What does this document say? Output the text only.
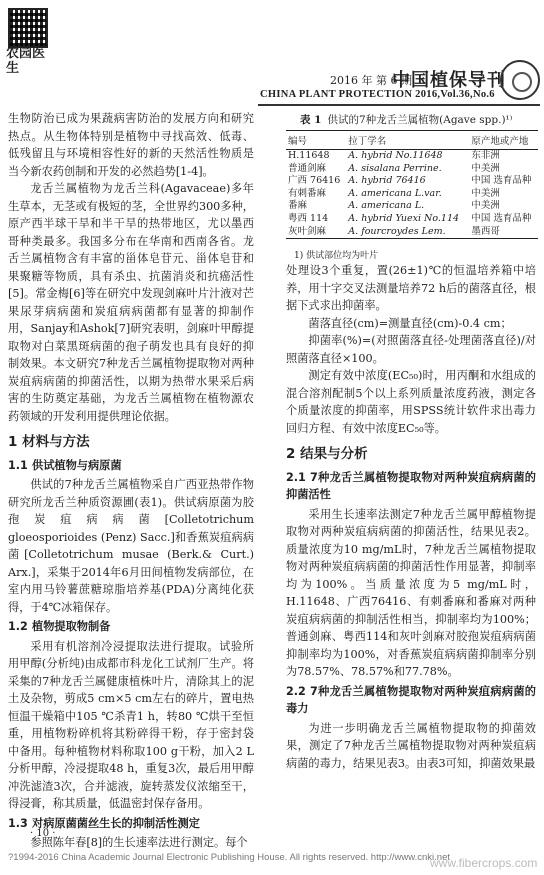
农园医生
2016 年 第 6 期
中国植保导刊
CHINA PLANT PROTECTION 2016,Vol.36,No.6

生物防治已成为果蔬病害防治的发展方向和研究热点。从生物体特别是植物中寻找高效、低毒、低残留且与环境相容性好的新的天然活性物质是当今新农药创制和开发的必然趋势[1-4]。

龙舌兰属植物为龙舌兰科(Agavaceae)多年生草本，无茎或有极短的茎，全世界约300多种，原产西半球干旱和半干旱的热带地区，尤以墨西哥种类最多。我国多分布在华南和西南各省。龙舌兰属植物含有丰富的甾体皂苷元、甾体皂苷和果聚糖等物质，具有杀虫、抗菌消炎和抗癌活性[5]。常金梅[6]等在研究中发现剑麻叶片汁液对芒果尿芽病病菌和炭疽病病菌都有显著的抑制作用，Sanjay和Ashok[7]研究表明，剑麻叶甲醇提取物对白菜黑斑病菌的孢子萌发也具有良好的抑制效果。本文研究7种龙舌兰属植物提取物对两种炭疽病病菌的抑菌活性，以期为热带水果采后病害的生防奠定基础，为龙舌兰属植物在植物源农药领域的开发利用提供理论依据。

1 材料与方法
1.1 供试植物与病原菌

供试的7种龙舌兰属植物采自广西亚热带作物研究所龙舌兰种质资源圃(表1)。供试病原菌为胶孢炭疽病病菌[Colletotrichum gloeosporioides (Penz) Sacc.]和香蕉炭疽病病菌[Colletotrichum musae (Berk.& Curt.) Arx.]，采集于2014年6月田间植物发病部位，在室内用马铃薯蔗糖琼脂培养基(PDA)分离纯化获得，于4℃冰箱保存。

1.2 植物提取物制备

采用有机溶剂冷浸提取法进行提取。试验所用甲醇(分析纯)由成都市科龙化工试剂厂生产。将采集的7种龙舌兰属健康植株叶片，清除其上的泥土及杂物，剪成5 cm×5 cm左右的碎片，置电热恒温干燥箱中105 ℃杀青1 h，转80 ℃烘干至恒重，用植物粉碎机将其粉碎得干粉，存于密封袋中备用。每种植物材料称取100 g干粉，加入2 L分析甲醇，冷浸提取48 h，重复3次，最后用甲醇冲洗滤渣3次，合并滤液，旋转蒸发仪浓缩至干，得浸膏，称其质量，低温密封保存备用。

1.3 对病原菌菌丝生长的抑制活性测定

参照陈年春[8]的生长速率法进行测定。每个

表 1 供试的7种龙舌兰属植物(Agave spp.)¹⁾
编号	拉丁学名	原产地或产地
H.11648	A. hybrid No.11648	东非洲
普通剑麻	A. sisalana Perrine.	中美洲
广西 76416	A. hybrid 76416	中国 选育品种
有刺番麻	A. americana L.var.	中美洲
番麻	A. americana L.	中美洲
粤西 114	A. hybrid Yuexi No.114	中国 选育品种
灰叶剑麻	A. fourcroydes Lem.	墨西哥
1) 供试部位均为叶片

处理设3个重复，置(26±1)℃的恒温培养箱中培养，用十字交叉法测量培养72 h后的菌落直径，根据下式求出抑菌率。

菌落直径(cm)=测量直径(cm)-0.4 cm；

抑菌率(%)=(对照菌落直径-处理菌落直径)/对照菌落直径×100。

测定有效中浓度(EC₅₀)时，用丙酮和水组成的混合溶剂配制5个以上系列质量浓度药液，测定各个质量浓度的抑菌率，用SPSS统计软件求出毒力回归方程、有效中浓度EC₅₀等。

2 结果与分析
2.1 7种龙舌兰属植物提取物对两种炭疽病病菌的抑菌活性

采用生长速率法测定7种龙舌兰属甲醇植物提取物对两种炭疽病病菌的抑菌活性，结果见表2。质量浓度为10 mg/mL时，7种龙舌兰属植物提取物对两种炭疽病病菌的抑菌活性作用显著，抑制率均为100%。当质量浓度为5 mg/mL时，H.11648、广西76416、有刺番麻和番麻对两种炭疽病病菌的抑制活性相当，抑制率均为100%；普通剑麻、粤西114和灰叶剑麻对胶孢炭疽病病菌抑制率均为100%，对香蕉炭疽病病菌抑制率分别为78.57%、78.57%和77.78%。

2.2 7种龙舌兰属植物提取物对两种炭疽病病菌的毒力

为进一步明确龙舌兰属植物提取物的抑菌效果，测定了7种龙舌兰属植物提取物对两种炭疽病病菌的毒力，结果见表3。由表3可知，抑菌效果最

· 10 ·
?1994-2016 China Academic Journal Electronic Publishing House. All rights reserved. http://www.cnki.net
www.fibercrops.com
